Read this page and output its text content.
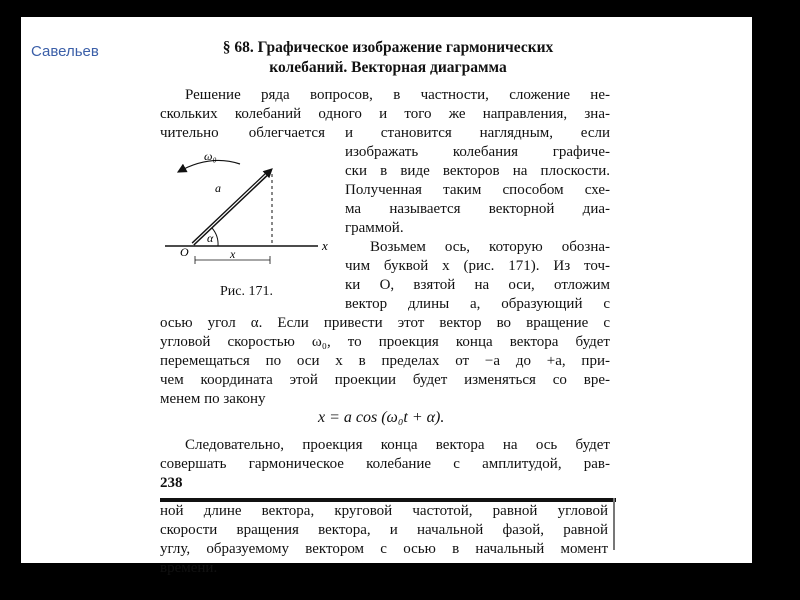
Савельев	§ 68. Графическое изображение гармонических
колебаний. Векторная диаграмма
Решение ряда вопросов, в частности, сложение не-
скольких колебаний одного и того же направления, зна-
чительно облегчается и становится наглядным, если
изображать колебания графиче-
ски в виде векторов на плоскости.
Полученная таким способом схе-
ма называется векторной диа-
граммой.
Возьмем ось, которую обозна-
чим буквой x (рис. 171). Из точ-
ки O, взятой на оси, отложим
вектор длины a, образующий с
осью угол α. Если привести этот вектор во вращение с
угловой скоростью ω₀, то проекция конца вектора будет
перемещаться по оси x в пределах от −a до +a, при-
чем координата этой проекции будет изменяться со вре-
менем по закону
x = a cos (ω₀t + α).
Следовательно, проекция конца вектора на ось будет
совершать гармоническое колебание с амплитудой, рав-
238
ной длине вектора, круговой частотой, равной угловой
скорости вращения вектора, и начальной фазой, равной
углу, образуемому вектором с осью в начальный момент
времени.
x
α
ω₀
a
O	x
Рис. 171.
